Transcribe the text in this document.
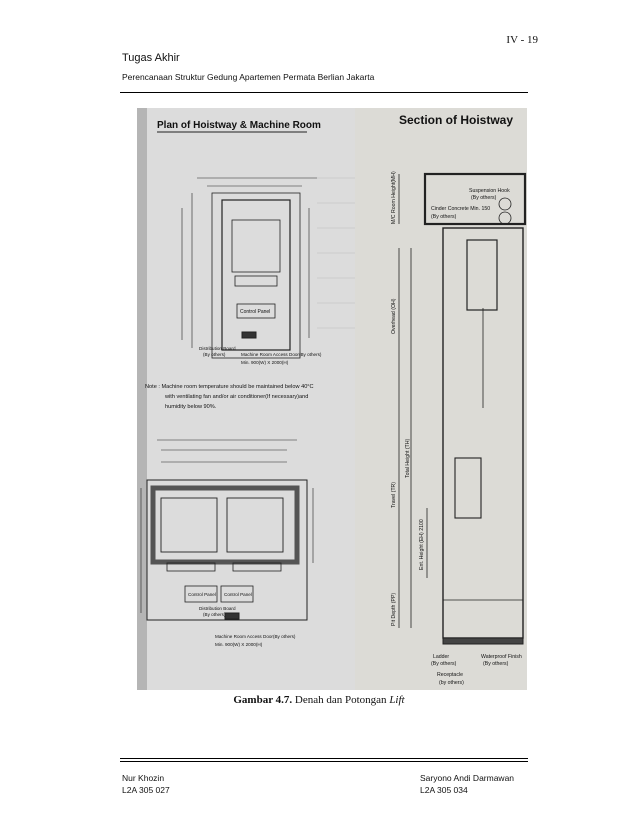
IV - 19
Tugas Akhir
Perencanaan Struktur Gedung Apartemen Permata Berlian Jakarta
Plan of Hoistway & Machine Room
Control Panel
Distribution Board
(By others)	Machine Room Access Door(By others)
Min. 900(W) X 2000(H)
Note : Machine room temperature should be maintained below 40°C
with ventilating fan and/or air conditioner(If necessary)and
humidity below 90%.
Control Panel Control Panel
Distribution Board
(By others)
Machine Room Access Door(By others)
Min. 900(W) X 2000(H)
Section of Hoistway
Suspension Hook
(By others)
Cinder Concrete Min. 150
(By others)
M/C Room Height(MH)
Overhead (OH)
Total Height (TH)
Travel (TR)
Ent. Height (EH) 2100
Pit Depth (PP)
Ladder
(By others)
Waterproof Finish
(By others)
Receptacle
(by others)
Gambar 4.7. Denah dan Potongan Lift
Nur Khozin
L2A 305 027
Saryono Andi Darmawan
L2A 305 034
